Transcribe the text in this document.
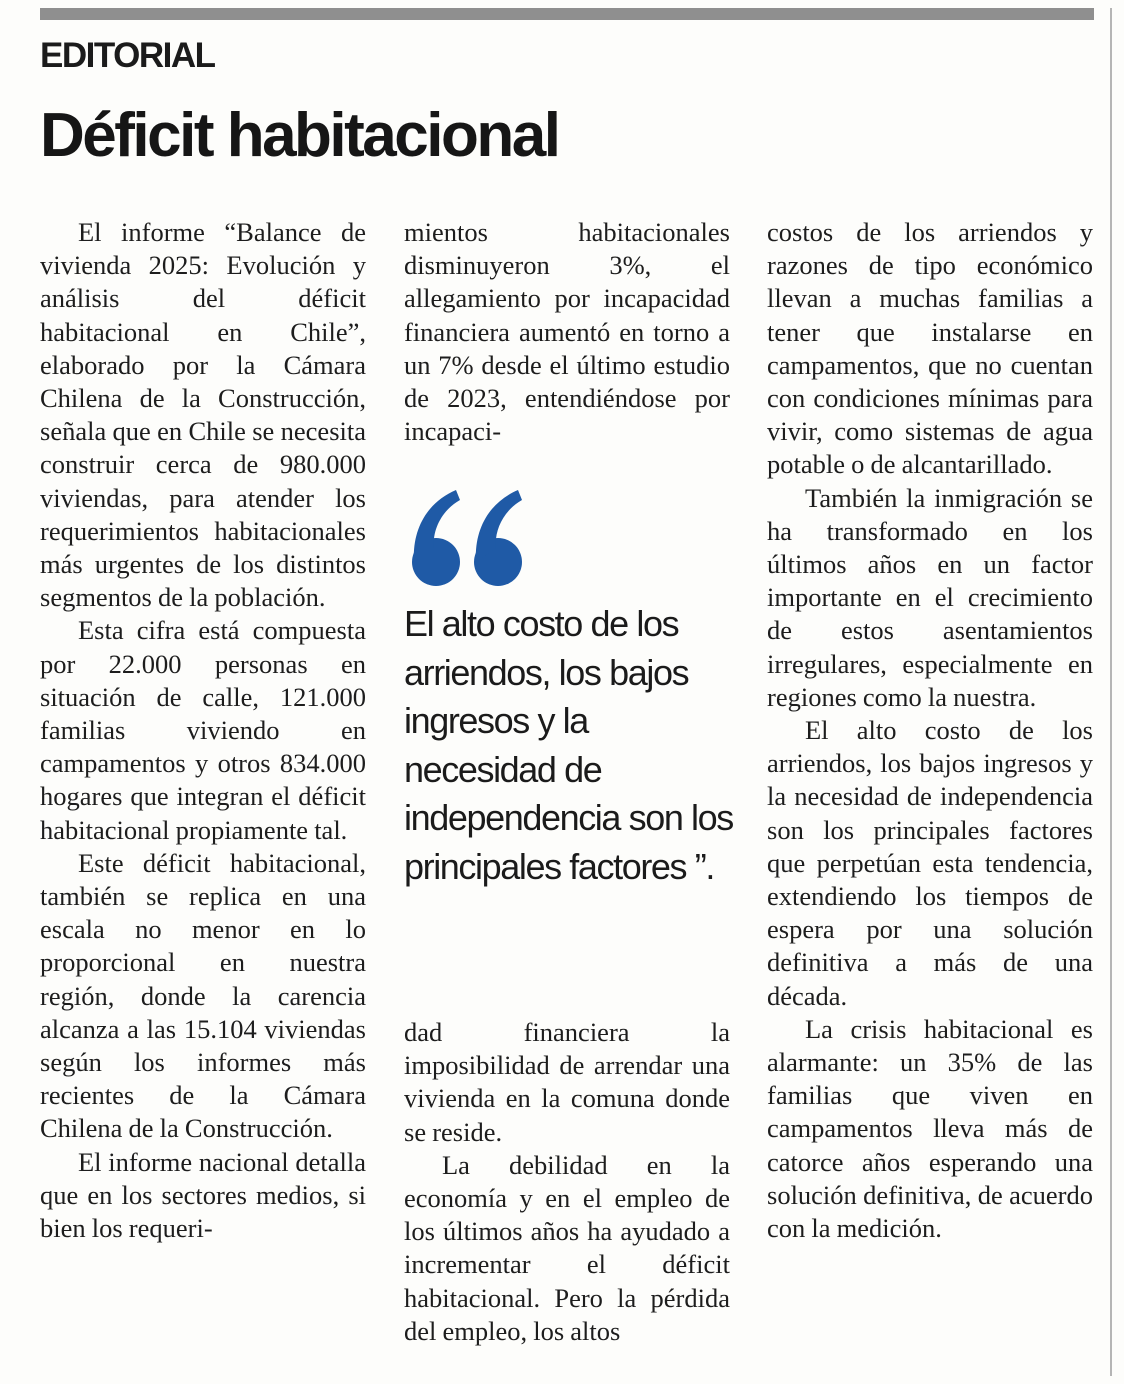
EDITORIAL
Déficit habitacional

El informe “Balance de vivienda 2025: Evolución y análisis del déficit habitacional en Chile”, elaborado por la Cámara Chilena de la Construcción, señala que en Chile se necesita construir cerca de 980.000 viviendas, para atender los requerimientos habitacionales más urgentes de los distintos segmentos de la población.

Esta cifra está compuesta por 22.000 personas en situación de calle, 121.000 familias viviendo en campamentos y otros 834.000 hogares que integran el déficit habitacional propiamente tal.

Este déficit habitacional, también se replica en una escala no menor en lo proporcional en nuestra región, donde la carencia alcanza a las 15.104 viviendas según los informes más recientes de la Cámara Chilena de la Construcción.

El informe nacional detalla que en los sectores medios, si bien los requeri-

mientos habitacionales disminuyeron 3%, el allegamiento por incapacidad financiera aumentó en torno a un 7% desde el último estudio de 2023, entendiéndose por incapaci-

El alto costo de los arriendos, los bajos ingresos y la necesidad de independencia son los principales factores ”.

dad financiera la imposibilidad de arrendar una vivienda en la comuna donde se reside.

La debilidad en la economía y en el empleo de los últimos años ha ayudado a incrementar el déficit habitacional. Pero la pérdida del empleo, los altos

costos de los arriendos y razones de tipo económico llevan a muchas familias a tener que instalarse en campamentos, que no cuentan con condiciones mínimas para vivir, como sistemas de agua potable o de alcantarillado.

También la inmigración se ha transformado en los últimos años en un factor importante en el crecimiento de estos asentamientos irregulares, especialmente en regiones como la nuestra.

El alto costo de los arriendos, los bajos ingresos y la necesidad de independencia son los principales factores que perpetúan esta tendencia, extendiendo los tiempos de espera por una solución definitiva a más de una década.

La crisis habitacional es alarmante: un 35% de las familias que viven en campamentos lleva más de catorce años esperando una solución definitiva, de acuerdo con la medición.
